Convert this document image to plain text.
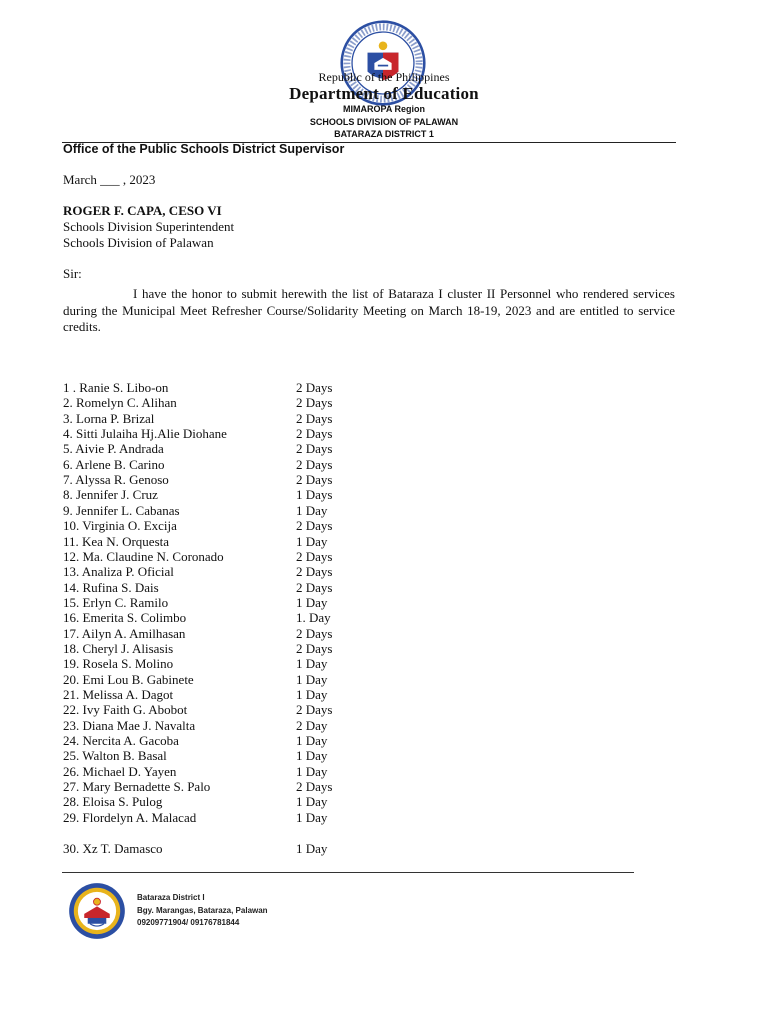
Republic of the Philippines
Department of Education
MIMAROPA Region
SCHOOLS DIVISION OF PALAWAN
BATARAZA DISTRICT 1
Office of the Public Schools District Supervisor
March ___ , 2023
ROGER F. CAPA, CESO VI
Schools Division Superintendent
Schools Division of Palawan
Sir:
I have the honor to submit herewith the list of Bataraza I cluster II Personnel who rendered services during the Municipal Meet Refresher Course/Solidarity Meeting on March 18-19, 2023 and are entitled to service credits.
1 . Ranie S. Libo-on	2 Days
2. Romelyn C. Alihan	2 Days
3. Lorna P. Brizal	2 Days
4. Sitti Julaiha Hj.Alie Diohane	2 Days
5. Aivie P. Andrada	2 Days
6. Arlene B. Carino	2 Days
7. Alyssa R. Genoso	2 Days
8. Jennifer J. Cruz	1 Days
9. Jennifer L. Cabanas	1 Day
10. Virginia O. Excija	2 Days
11. Kea N. Orquesta	1 Day
12. Ma. Claudine N. Coronado	2 Days
13. Analiza P. Oficial	2 Days
14. Rufina S. Dais	2 Days
15. Erlyn C. Ramilo	1 Day
16. Emerita S. Colimbo	1. Day
17. Ailyn A. Amilhasan	2 Days
18. Cheryl J. Alisasis	2 Days
19. Rosela S. Molino	1 Day
20. Emi Lou B. Gabinete	1 Day
21. Melissa A. Dagot	1 Day
22. Ivy Faith G. Abobot	2 Days
23. Diana Mae J. Navalta	2 Day
24. Nercita A. Gacoba	1 Day
25. Walton B. Basal	1 Day
26. Michael D. Yayen	1 Day
27. Mary Bernadette S. Palo	2 Days
28. Eloisa S. Pulog	1 Day
29. Flordelyn A. Malacad	1 Day
30. Xz T. Damasco	1 Day
Bataraza District I
Bgy. Marangas, Bataraza, Palawan
09209771904/ 09176781844
